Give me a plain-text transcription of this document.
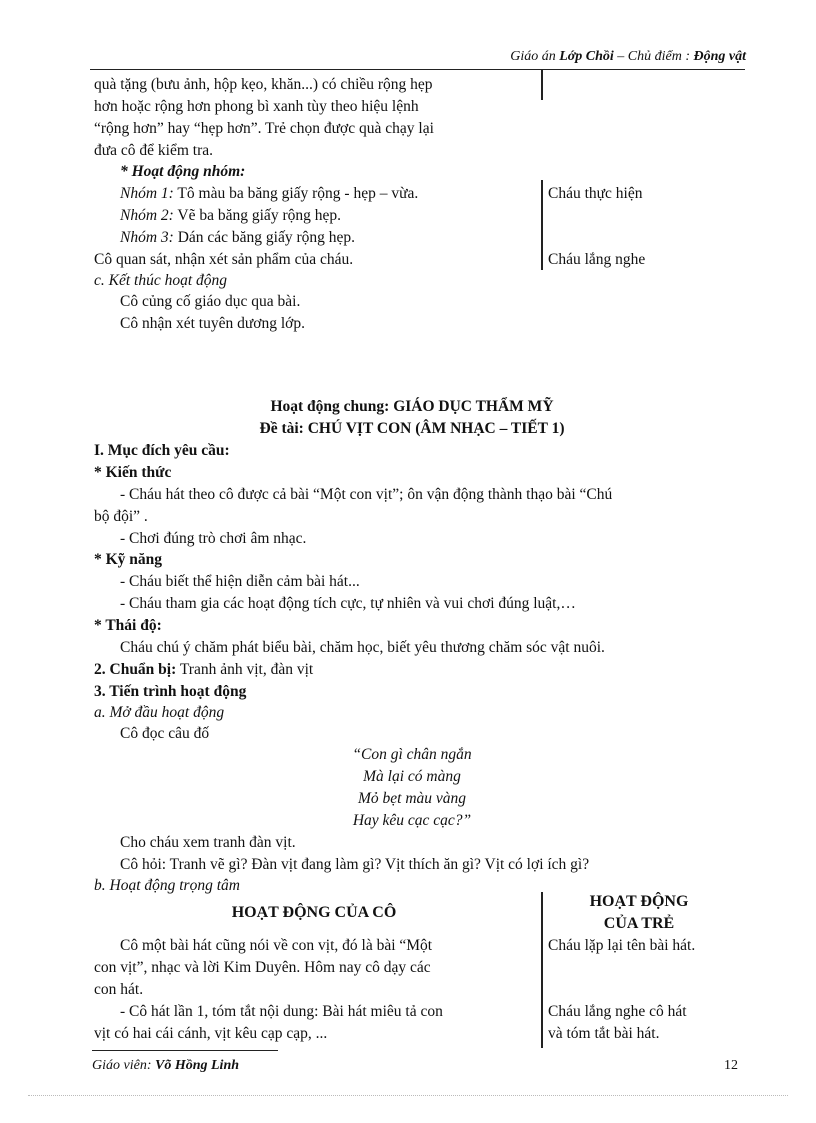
Giáo án Lớp Chồi – Chủ điểm : Động vật
quà tặng (bưu ảnh, hộp kẹo, khăn...) có chiều rộng hẹp
hơn hoặc rộng hơn phong bì xanh tùy theo hiệu lệnh
“rộng hơn” hay “hẹp hơn”. Trẻ chọn được quà chạy lại
đưa cô để kiểm tra.
* Hoạt động nhóm:
Nhóm 1: Tô màu ba băng giấy rộng - hẹp – vừa.
Nhóm 2: Vẽ ba băng giấy rộng hẹp.
Nhóm 3: Dán các băng giấy rộng hẹp.
Cô quan sát, nhận xét sản phẩm của cháu.
Cháu thực hiện
Cháu lắng nghe
c. Kết thúc hoạt động
Cô củng cố giáo dục qua bài.
Cô nhận xét tuyên dương lớp.
Hoạt động chung: GIÁO DỤC THẨM MỸ
Đề tài: CHÚ VỊT CON (ÂM NHẠC – TIẾT 1)
I. Mục đích yêu cầu:
* Kiến thức
- Cháu hát theo cô được cả bài “Một con vịt”; ôn vận động thành thạo bài “Chú
bộ đội” .
- Chơi đúng trò chơi âm nhạc.
* Kỹ năng
- Cháu biết thể hiện diễn cảm bài hát...
- Cháu tham gia các hoạt động tích cực, tự nhiên và vui chơi đúng luật,…
* Thái độ:
Cháu chú ý chăm phát biểu bài, chăm học, biết yêu thương chăm sóc vật nuôi.
2. Chuẩn bị: Tranh ảnh vịt, đàn vịt
3. Tiến trình hoạt động
a. Mở đầu hoạt động
Cô đọc câu đố
“Con gì chân ngắn
Mà lại có màng
Mỏ bẹt màu vàng
Hay kêu cạc cạc?”
Cho cháu xem tranh đàn vịt.
Cô hỏi: Tranh vẽ gì? Đàn vịt đang làm gì? Vịt thích ăn gì? Vịt có lợi ích gì?
b. Hoạt động trọng tâm
HOẠT ĐỘNG CỦA CÔ
HOẠT ĐỘNG
CỦA TRẺ
Cô một bài hát cũng nói về con vịt, đó là bài “Một
con vịt”, nhạc và lời Kim Duyên. Hôm nay cô dạy các
con hát.
Cháu lặp lại tên bài hát.
- Cô hát lần 1, tóm tắt nội dung: Bài hát miêu tả con
vịt có hai cái cánh, vịt kêu cạp cạp, ...
Cháu lắng nghe cô hát
và tóm tắt bài hát.
Giáo viên: Võ Hồng Linh	12
